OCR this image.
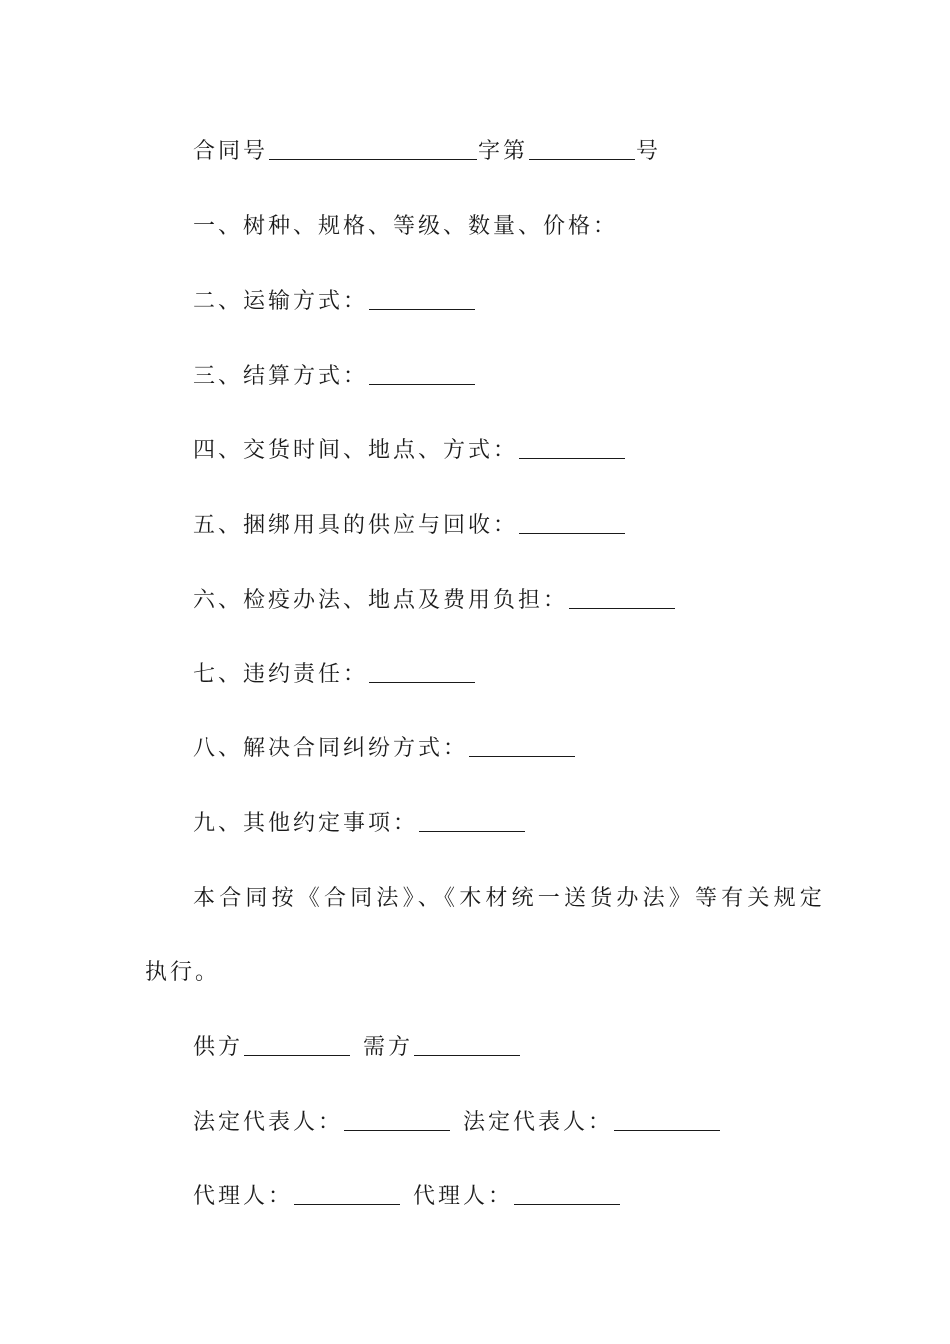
合同号	字第	号
一、树种、规格、等级、数量、价格：
二、运输方式：
三、结算方式：
四、交货时间、地点、方式：
五、捆绑用具的供应与回收：
六、检疫办法、地点及费用负担：
七、违约责任：
八、解决合同纠纷方式：
九、其他约定事项：
本合同按《合同法》、《木材统一送货办法》等有关规定
执行。
供方	需方
法定代表人：	法定代表人：
代理人：	代理人：
